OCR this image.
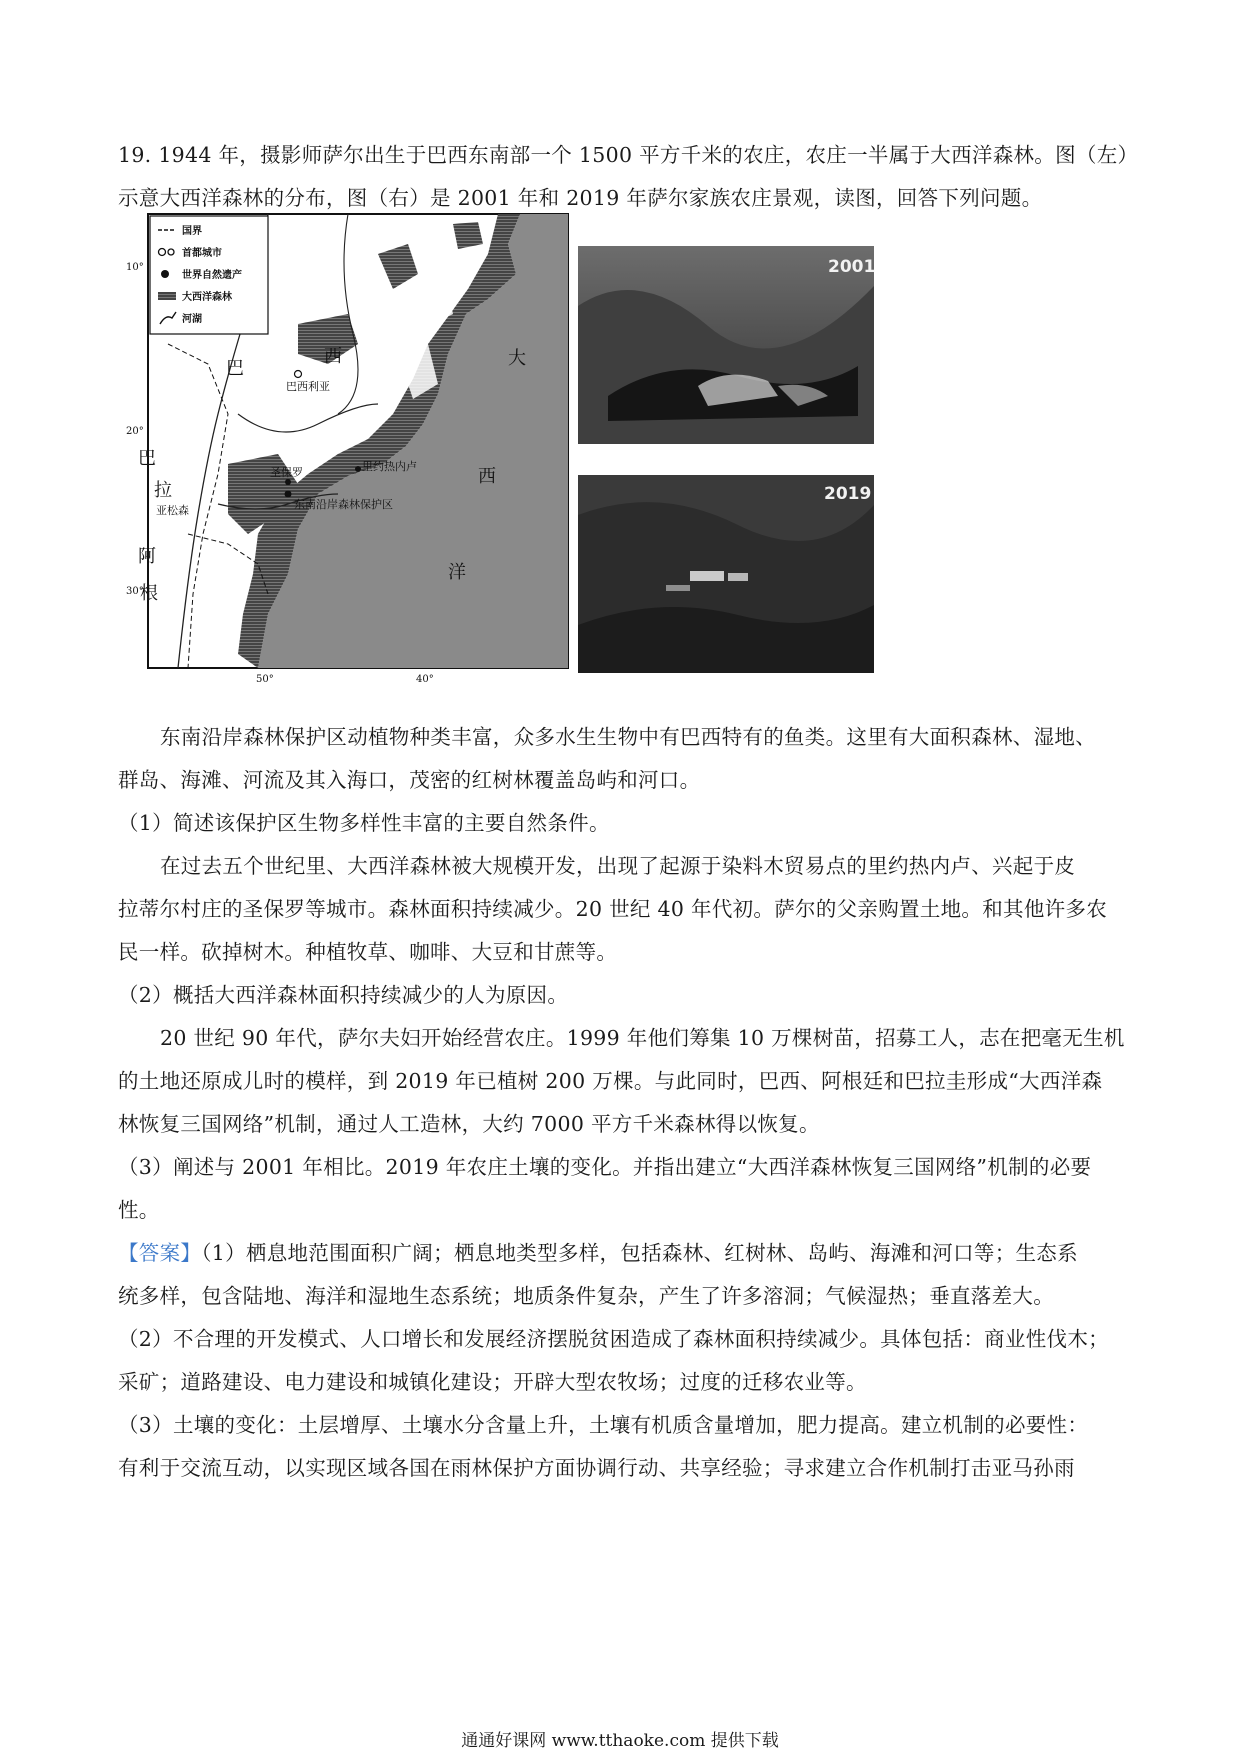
19. 1944 年，摄影师萨尔出生于巴西东南部一个 1500 平方千米的农庄，农庄一半属于大西洋森林。图（左）
示意大西洋森林的分布，图（右）是 2001 年和 2019 年萨尔家族农庄景观，读图，回答下列问题。
国界
首都城市
世界自然遗产
大西洋森林
河湖
巴
西
巴西利亚
大
西
洋
巴
拉
亚松森
阿
根
圣保罗	里约热内卢
东南沿岸森林保护区
10°
20°
30°
50°	40°
2001
2019
东南沿岸森林保护区动植物种类丰富，众多水生生物中有巴西特有的鱼类。这里有大面积森林、湿地、
群岛、海滩、河流及其入海口，茂密的红树林覆盖岛屿和河口。
（1）简述该保护区生物多样性丰富的主要自然条件。
在过去五个世纪里、大西洋森林被大规模开发，出现了起源于染料木贸易点的里约热内卢、兴起于皮
拉蒂尔村庄的圣保罗等城市。森林面积持续减少。20 世纪 40 年代初。萨尔的父亲购置土地。和其他许多农
民一样。砍掉树木。种植牧草、咖啡、大豆和甘蔗等。
（2）概括大西洋森林面积持续减少的人为原因。
20 世纪 90 年代，萨尔夫妇开始经营农庄。1999 年他们筹集 10 万棵树苗，招募工人，志在把毫无生机
的土地还原成儿时的模样，到 2019 年已植树 200 万棵。与此同时，巴西、阿根廷和巴拉圭形成“大西洋森
林恢复三国网络”机制，通过人工造林，大约 7000 平方千米森林得以恢复。
（3）阐述与 2001 年相比。2019 年农庄土壤的变化。并指出建立“大西洋森林恢复三国网络”机制的必要
性。
【答案】（1）栖息地范围面积广阔；栖息地类型多样，包括森林、红树林、岛屿、海滩和河口等；生态系
统多样，包含陆地、海洋和湿地生态系统；地质条件复杂，产生了许多溶洞；气候湿热；垂直落差大。
（2）不合理的开发模式、人口增长和发展经济摆脱贫困造成了森林面积持续减少。具体包括：商业性伐木；
采矿；道路建设、电力建设和城镇化建设；开辟大型农牧场；过度的迁移农业等。
（3）土壤的变化：土层增厚、土壤水分含量上升，土壤有机质含量增加，肥力提高。建立机制的必要性：
有利于交流互动，以实现区域各国在雨林保护方面协调行动、共享经验；寻求建立合作机制打击亚马孙雨
通通好课网 www.tthaoke.com 提供下载
